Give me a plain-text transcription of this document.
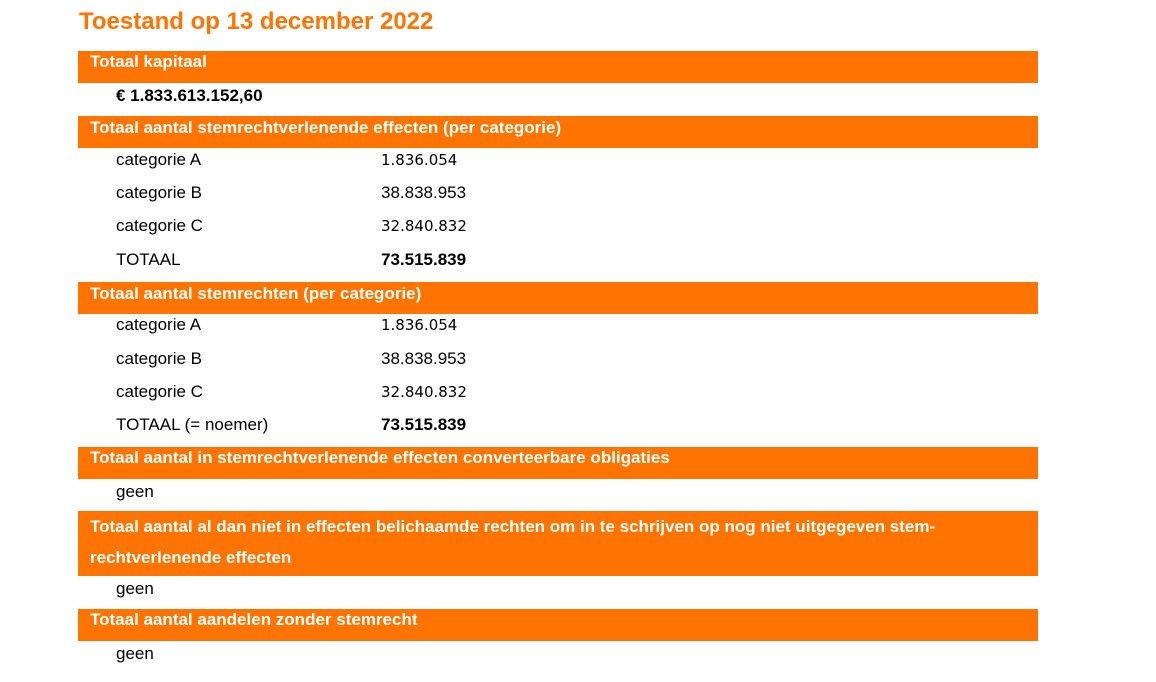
Toestand op 13 december 2022
Totaal kapitaal
€ 1.833.613.152,60
Totaal aantal stemrechtverlenende effecten (per categorie)
categorie A	1.836.054
categorie B	38.838.953
categorie C	32.840.832
TOTAAL	73.515.839
Totaal aantal stemrechten (per categorie)
categorie A	1.836.054
categorie B	38.838.953
categorie C	32.840.832
TOTAAL (= noemer)	73.515.839
Totaal aantal in stemrechtverlenende effecten converteerbare obligaties
geen
Totaal aantal al dan niet in effecten belichaamde rechten om in te schrijven op nog niet uitgegeven stem-rechtverlenende effecten
geen
Totaal aantal aandelen zonder stemrecht
geen
